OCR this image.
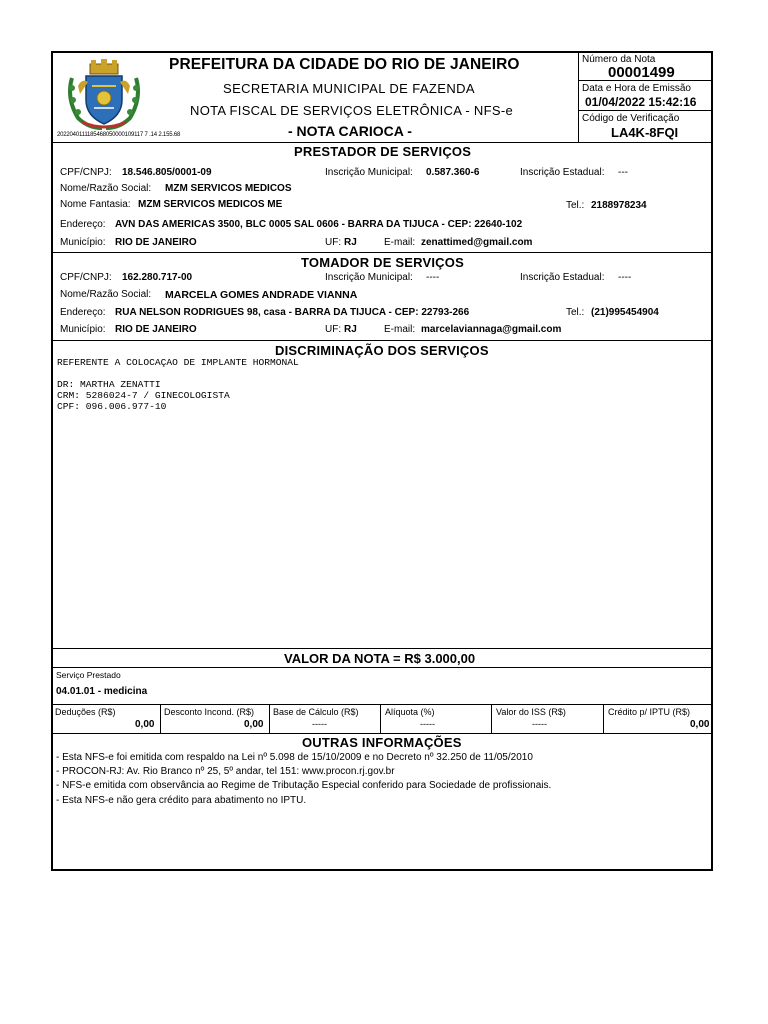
PREFEITURA DA CIDADE DO RIO DE JANEIRO
SECRETARIA MUNICIPAL DE FAZENDA
NOTA FISCAL DE SERVIÇOS ELETRÔNICA - NFS-e
- NOTA CARIOCA -
2022040111185468050000109117 7 .14 2.155.68
Número da Nota
00001499
Data e Hora de Emissão
01/04/2022 15:42:16
Código de Verificação
LA4K-8FQI
PRESTADOR DE SERVIÇOS
CPF/CNPJ: 18.546.805/0001-09	Inscrição Municipal: 0.587.360-6	Inscrição Estadual: ---
Nome/Razão Social: MZM SERVICOS MEDICOS
Nome Fantasia: MZM SERVICOS MEDICOS ME	Tel.: 2188978234
Endereço: AVN DAS AMERICAS 3500, BLC 0005 SAL 0606 - BARRA DA TIJUCA - CEP: 22640-102
Município: RIO DE JANEIRO	UF: RJ	E-mail: zenattimed@gmail.com
TOMADOR DE SERVIÇOS
CPF/CNPJ: 162.280.717-00	Inscrição Municipal: ----	Inscrição Estadual: ----
Nome/Razão Social: MARCELA GOMES ANDRADE VIANNA
Endereço: RUA NELSON RODRIGUES 98, casa - BARRA DA TIJUCA - CEP: 22793-266	Tel.: (21)995454904
Município: RIO DE JANEIRO	UF: RJ	E-mail: marcelaviannaga@gmail.com
DISCRIMINAÇÃO DOS SERVIÇOS
REFERENTE A COLOCAÇAO DE IMPLANTE HORMONAL
DR: MARTHA ZENATTI
CRM: 5286024-7 / GINECOLOGISTA
CPF: 096.006.977-10
VALOR DA NOTA = R$ 3.000,00
Serviço Prestado
04.01.01 - medicina
Deduções (R$)
0,00
Desconto Incond. (R$)
0,00
Base de Cálculo (R$)
-----
Alíquota (%)
-----
Valor do ISS (R$)
-----
Crédito p/ IPTU (R$)
0,00
OUTRAS INFORMAÇÕES
- Esta NFS-e foi emitida com respaldo na Lei nº 5.098 de 15/10/2009 e no Decreto nº 32.250 de 11/05/2010
- PROCON-RJ: Av. Rio Branco nº 25, 5º andar, tel 151: www.procon.rj.gov.br
- NFS-e emitida com observância ao Regime de Tributação Especial conferido para Sociedade de profissionais.
- Esta NFS-e não gera crédito para abatimento no IPTU.
